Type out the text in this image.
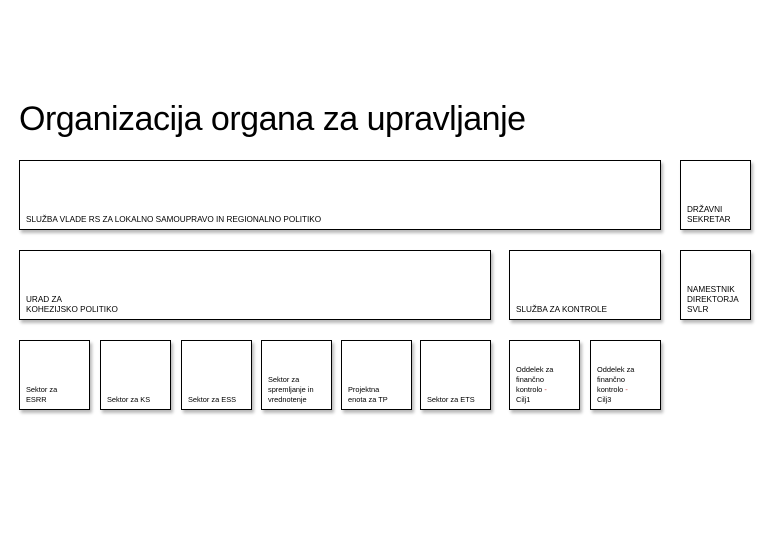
Organizacija organa za upravljanje
SLUŽBA VLADE RS ZA LOKALNO SAMOUPRAVO IN REGIONALNO POLITIKO
DRŽAVNI
SEKRETAR
URAD ZA
KOHEZIJSKO POLITIKO	SLUŽBA ZA KONTROLE
NAMESTNIK
DIREKTORJA
SVLR
Sektor za
ESRR	Sektor za KS	Sektor za ESS
Sektor za
spremljanje in
vrednotenje
Projektna
enota za TP	Sektor za ETS
Oddelek za
finančno
kontrolo -
Cilj1
Oddelek za
finančno
kontrolo -
Cilj3
